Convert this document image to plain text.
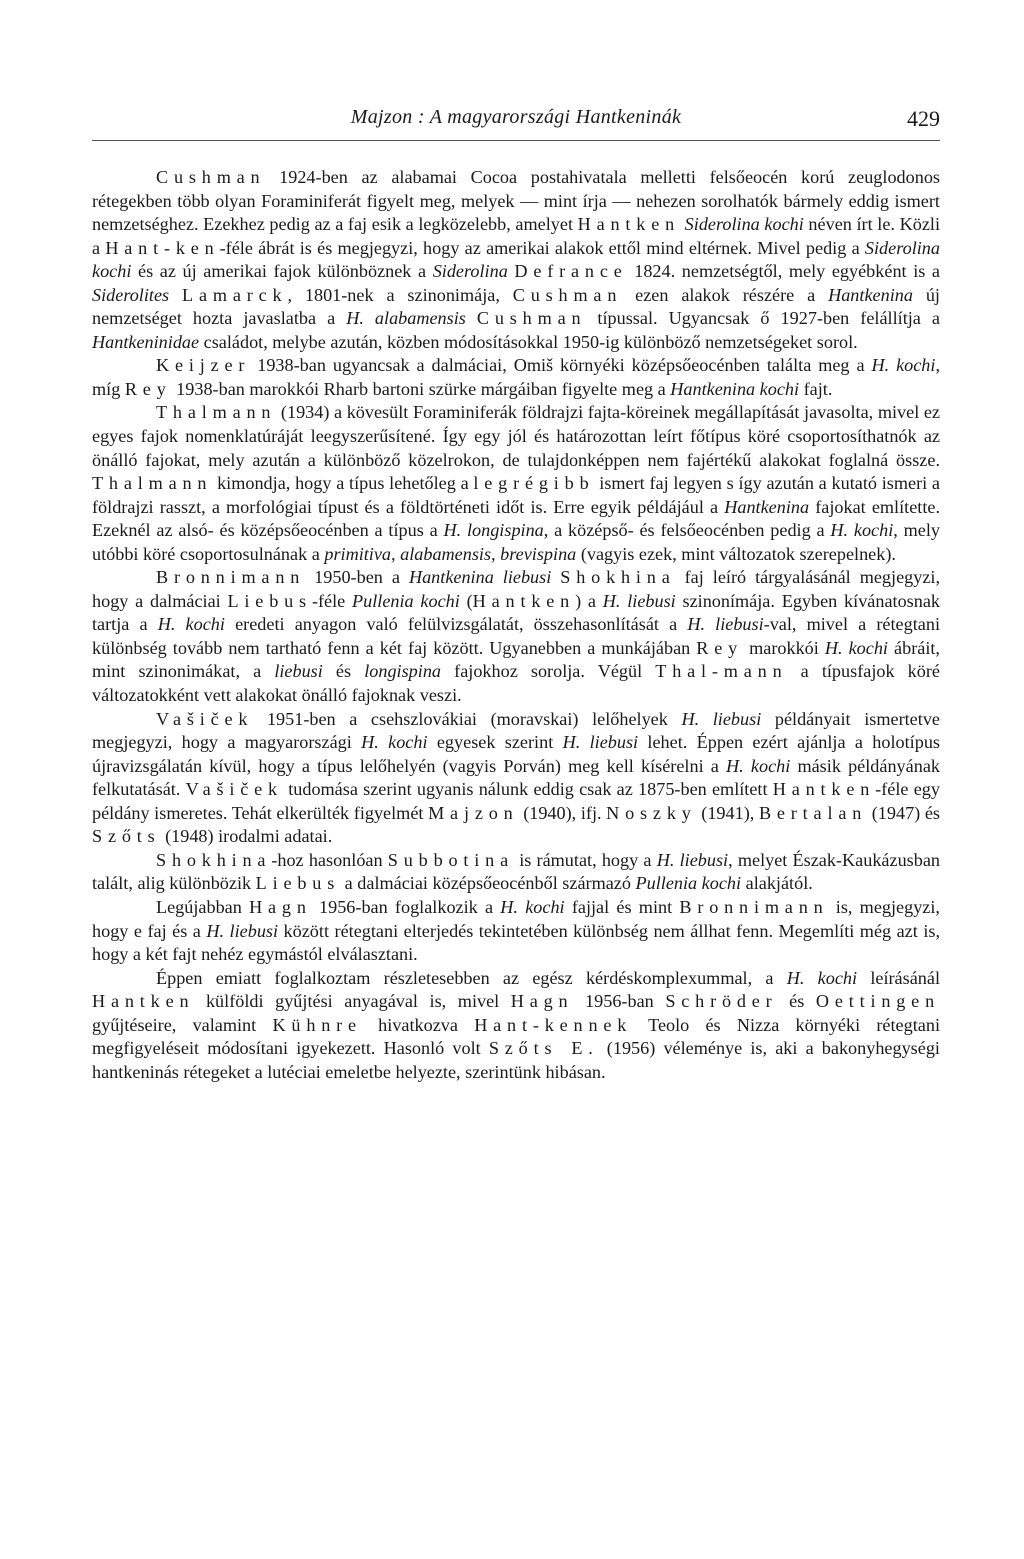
Majzon : A magyarországi Hantkeninák	429

Cushman 1924-ben az alabamai Cocoa postahivatala melletti felsőeocén korú zeuglodonos rétegekben több olyan Foraminiferát figyelt meg, melyek — mint írja — nehezen sorolhatók bármely eddig ismert nemzetséghez. Ezekhez pedig az a faj esik a legközelebb, amelyet Hantken Siderolina kochi néven írt le. Közli a Hant-ken-féle ábrát is és megjegyzi, hogy az amerikai alakok ettől mind eltérnek. Mivel pedig a Siderolina kochi és az új amerikai fajok különböznek a Siderolina Defrance 1824. nemzetségtől, mely egyébként is a Siderolites Lamarck, 1801-nek a szinonimája, Cushman ezen alakok részére a Hantkenina új nemzetséget hozta javaslatba a H. alabamensis Cushman típussal. Ugyancsak ő 1927-ben felállítja a Hantkeninidae családot, melybe azután, közben módosításokkal 1950-ig különböző nemzetségeket sorol.

Keijzer 1938-ban ugyancsak a dalmáciai, Omiš környéki középsőeocénben találta meg a H. kochi, míg Rey 1938-ban marokkói Rharb bartoni szürke márgáiban figyelte meg a Hantkenina kochi fajt.

Thalmann (1934) a kövesült Foraminiferák földrajzi fajta-köreinek megállapítását javasolta, mivel ez egyes fajok nomenklatúráját leegyszerűsítené. Így egy jól és határozottan leírt főtípus köré csoportosíthatnók az önálló fajokat, mely azután a különböző közelrokon, de tulajdonképpen nem fajértékű alakokat foglalná össze. Thalmann kimondja, hogy a típus lehetőleg a legrégibb ismert faj legyen s így azután a kutató ismeri a földrajzi rasszt, a morfológiai típust és a földtörténeti időt is. Erre egyik példájául a Hantkenina fajokat említette. Ezeknél az alsó- és középsőeocénben a típus a H. longispina, a középső- és felsőeocénben pedig a H. kochi, mely utóbbi köré csoportosulnának a primitiva, alabamensis, brevispina (vagyis ezek, mint változatok szerepelnek).

Bronnimann 1950-ben a Hantkenina liebusi Shokhina faj leíró tárgyalásánál megjegyzi, hogy a dalmáciai Liebus-féle Pullenia kochi (Hantken) a H. liebusi szinonímája. Egyben kívánatosnak tartja a H. kochi eredeti anyagon való felülvizsgálatát, összehasonlítását a H. liebusi-val, mivel a rétegtani különbség tovább nem tartható fenn a két faj között. Ugyanebben a munkájában Rey marokkói H. kochi ábráit, mint szinonimákat, a liebusi és longispina fajokhoz sorolja. Végül Thal-mann a típusfajok köré változatokként vett alakokat önálló fajoknak veszi.

Vašiček 1951-ben a csehszlovákiai (moravskai) lelőhelyek H. liebusi példányait ismertetve megjegyzi, hogy a magyarországi H. kochi egyesek szerint H. liebusi lehet. Éppen ezért ajánlja a holotípus újravizsgálatán kívül, hogy a típus lelőhelyén (vagyis Porván) meg kell kísérelni a H. kochi másik példányának felkutatását. Vašiček tudomása szerint ugyanis nálunk eddig csak az 1875-ben említett Hantken-féle egy példány ismeretes. Tehát elkerülték figyelmét Majzon (1940), ifj. Noszky (1941), Bertalan (1947) és Szőts (1948) irodalmi adatai.

Shokhina-hoz hasonlóan Subbotina is rámutat, hogy a H. liebusi, melyet Észak-Kaukázusban talált, alig különbözik Liebus a dalmáciai középsőeocénből származó Pullenia kochi alakjától.

Legújabban Hagn 1956-ban foglalkozik a H. kochi fajjal és mint Bronnimann is, megjegyzi, hogy e faj és a H. liebusi között rétegtani elterjedés tekintetében különbség nem állhat fenn. Megemlíti még azt is, hogy a két fajt nehéz egymástól elválasztani.

Éppen emiatt foglalkoztam részletesebben az egész kérdéskomplexummal, a H. kochi leírásánál Hantken külföldi gyűjtési anyagával is, mivel Hagn 1956-ban Schröder és Oettingen gyűjtéseire, valamint Kühnre hivatkozva Hant-kennek Teolo és Nizza környéki rétegtani megfigyeléseit módosítani igyekezett. Hasonló volt Szőts E. (1956) véleménye is, aki a bakonyhegységi hantkeninás rétegeket a lutéciai emeletbe helyezte, szerintünk hibásan.
